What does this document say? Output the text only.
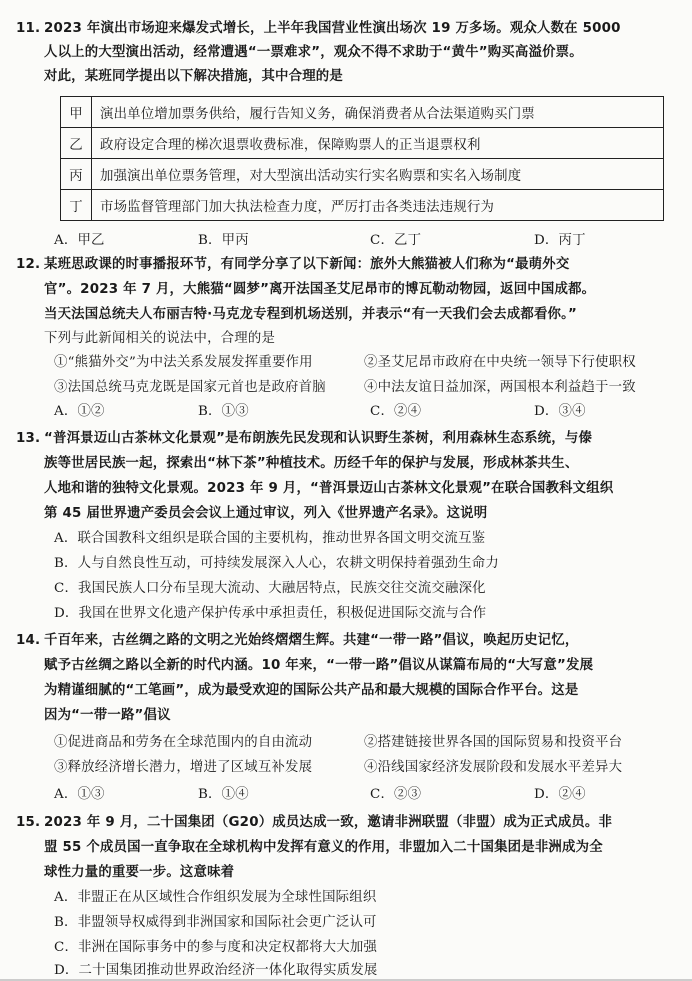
11. 2023 年演出市场迎来爆发式增长，上半年我国营业性演出场次 19 万多场。观众人数在 5000
人以上的大型演出活动，经常遭遇“一票难求”，观众不得不求助于“黄牛”购买高溢价票。
对此，某班同学提出以下解决措施，其中合理的是
甲	演出单位增加票务供给，履行告知义务，确保消费者从合法渠道购买门票
乙	政府设定合理的梯次退票收费标准，保障购票人的正当退票权利
丙	加强演出单位票务管理，对大型演出活动实行实名购票和实名入场制度
丁	市场监督管理部门加大执法检查力度，严厉打击各类违法违规行为
A．甲乙	B．甲丙	C．乙丁	D．丙丁
12. 某班思政课的时事播报环节，有同学分享了以下新闻：旅外大熊猫被人们称为“最萌外交
官”。2023 年 7 月，大熊猫“圆梦”离开法国圣艾尼昂市的博瓦勒动物园，返回中国成都。
当天法国总统夫人布丽吉特·马克龙专程到机场送别，并表示“有一天我们会去成都看你。”
下列与此新闻相关的说法中，合理的是
①“熊猫外交”为中法关系发展发挥重要作用	②圣艾尼昂市政府在中央统一领导下行使职权
③法国总统马克龙既是国家元首也是政府首脑	④中法友谊日益加深，两国根本利益趋于一致
A．①②	B．①③	C．②④	D．③④
13. “普洱景迈山古茶林文化景观”是布朗族先民发现和认识野生茶树，利用森林生态系统，与傣
族等世居民族一起，探索出“林下茶”种植技术。历经千年的保护与发展，形成林茶共生、
人地和谐的独特文化景观。2023 年 9 月，“普洱景迈山古茶林文化景观”在联合国教科文组织
第 45 届世界遗产委员会会议上通过审议，列入《世界遗产名录》。这说明
A．联合国教科文组织是联合国的主要机构，推动世界各国文明交流互鉴
B．人与自然良性互动，可持续发展深入人心，农耕文明保持着强劲生命力
C．我国民族人口分布呈现大流动、大融居特点，民族交往交流交融深化
D．我国在世界文化遗产保护传承中承担责任，积极促进国际交流与合作
14. 千百年来，古丝绸之路的文明之光始终熠熠生辉。共建“一带一路”倡议，唤起历史记忆，
赋予古丝绸之路以全新的时代内涵。10 年来，“一带一路”倡议从谋篇布局的“大写意”发展
为精谨细腻的“工笔画”，成为最受欢迎的国际公共产品和最大规模的国际合作平台。这是
因为“一带一路”倡议
①促进商品和劳务在全球范围内的自由流动	②搭建链接世界各国的国际贸易和投资平台
③释放经济增长潜力，增进了区域互补发展	④沿线国家经济发展阶段和发展水平差异大
A．①③	B．①④	C．②③	D．②④
15. 2023 年 9 月，二十国集团（G20）成员达成一致，邀请非洲联盟（非盟）成为正式成员。非
盟 55 个成员国一直争取在全球机构中发挥有意义的作用，非盟加入二十国集团是非洲成为全
球性力量的重要一步。这意味着
A．非盟正在从区域性合作组织发展为全球性国际组织
B．非盟领导权威得到非洲国家和国际社会更广泛认可
C．非洲在国际事务中的参与度和决定权都将大大加强
D．二十国集团推动世界政治经济一体化取得实质发展
